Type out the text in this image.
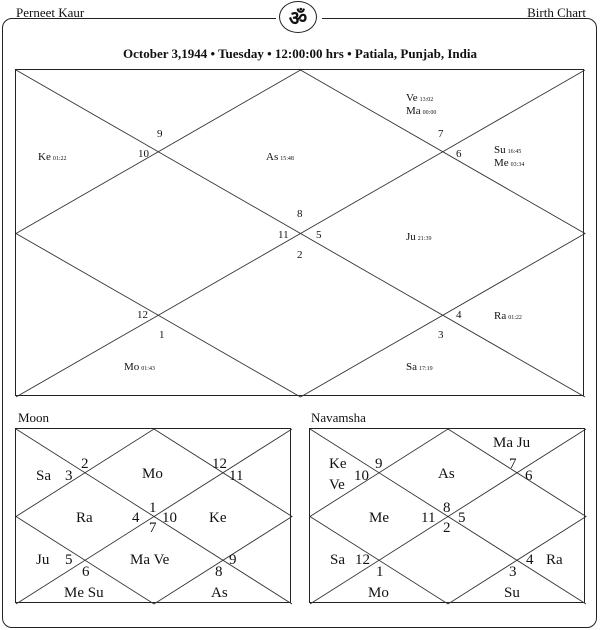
Perneet Kaur	Birth Chart
ॐ
October 3,1944 • Tuesday • 12:00:00 hrs • Patiala, Punjab, India
9
10
7
6
8
11 5
2
12
1
4
3
As 15:48
Ke 01:22
Mo 01:43	Sa 17:19
Ra 01:22
Ju 21:39
Su 16:45
Me 03:34
Ve 13:02
Ma 00:00
Moon
2
3
12
11
1
4 10
7
5
6
9
8
Mo
Sa
Ra
Ju
Me Su	As
Ke
Ma Ve
Navamsha
9
10
7
6
8
11 5
2
12
1
4
3
As
Ke
Ve
Me
Sa
Mo	Su
Ra
Ma Ju
